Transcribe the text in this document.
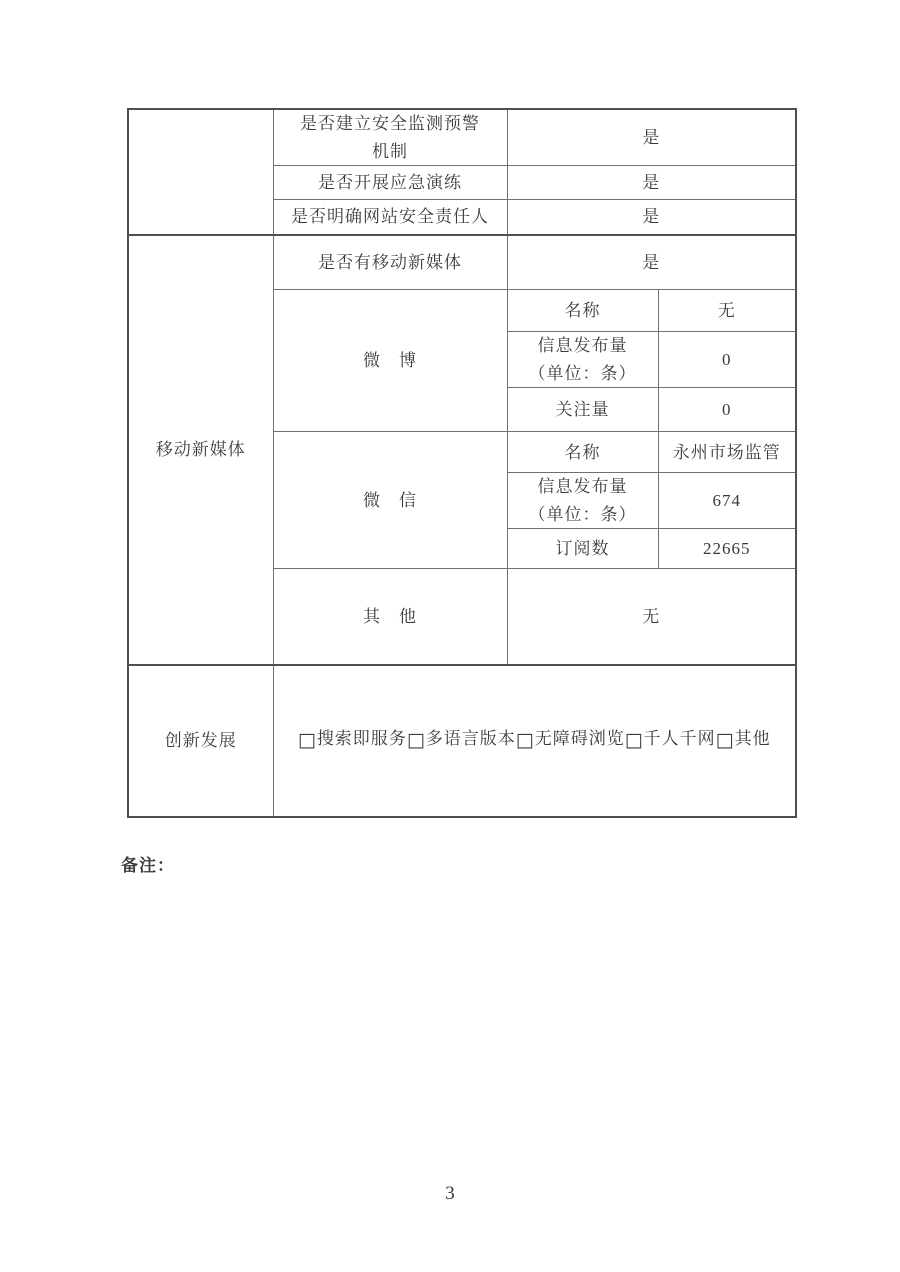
	是否建立安全监测预警
机制	是	
	是否开展应急演练	是	
	是否明确网站安全责任人	是	
移动新媒体	是否有移动新媒体	是	
	微　博	名称	无

		信息发布量
（单位：条）	0
		关注量	0
	微　信	名称	永州市场监管

		信息发布量
（单位：条）	674
		订阅数	22665
	其　他	无	
创新发展	□搜索即服务□多语言版本□无障碍浏览□千人千网□其他		
备注：
3
